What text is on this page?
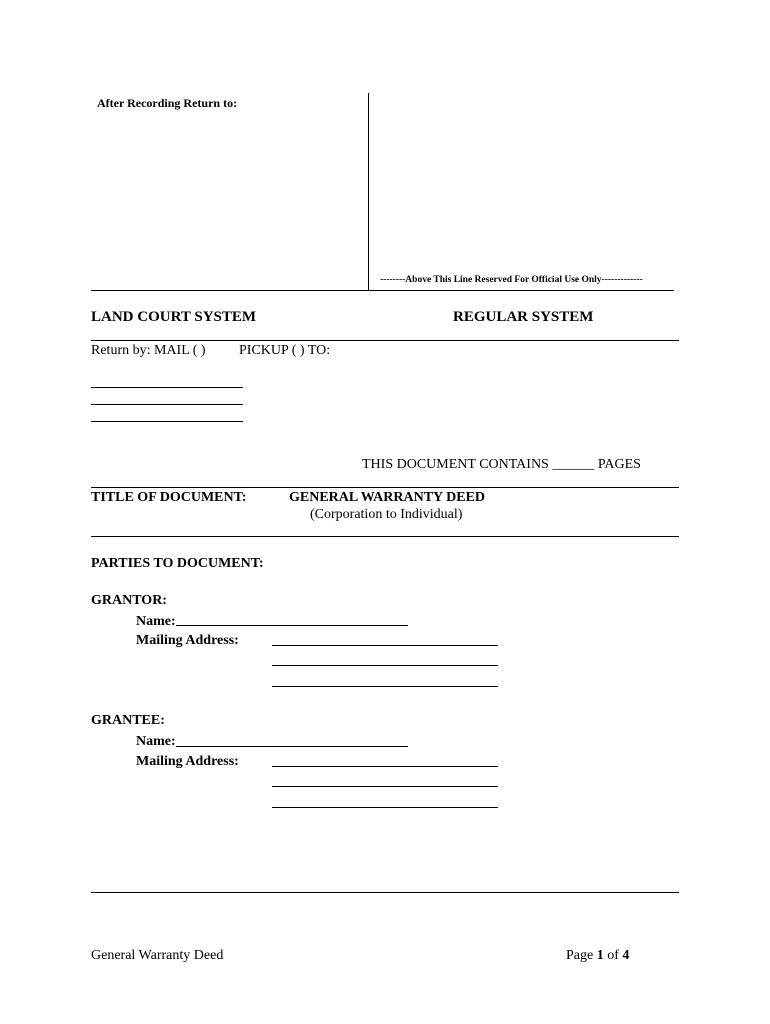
After Recording Return to:
--------Above This Line Reserved For Official Use Only-------------
LAND COURT SYSTEM	REGULAR SYSTEM
Return by: MAIL ( ) PICKUP ( ) TO:
THIS DOCUMENT CONTAINS ______ PAGES
TITLE OF DOCUMENT:	GENERAL WARRANTY DEED
(Corporation to Individual)
PARTIES TO DOCUMENT:
GRANTOR:
Name:
Mailing Address:
GRANTEE:
Name:
Mailing Address:
General Warranty Deed	Page 1 of 4
